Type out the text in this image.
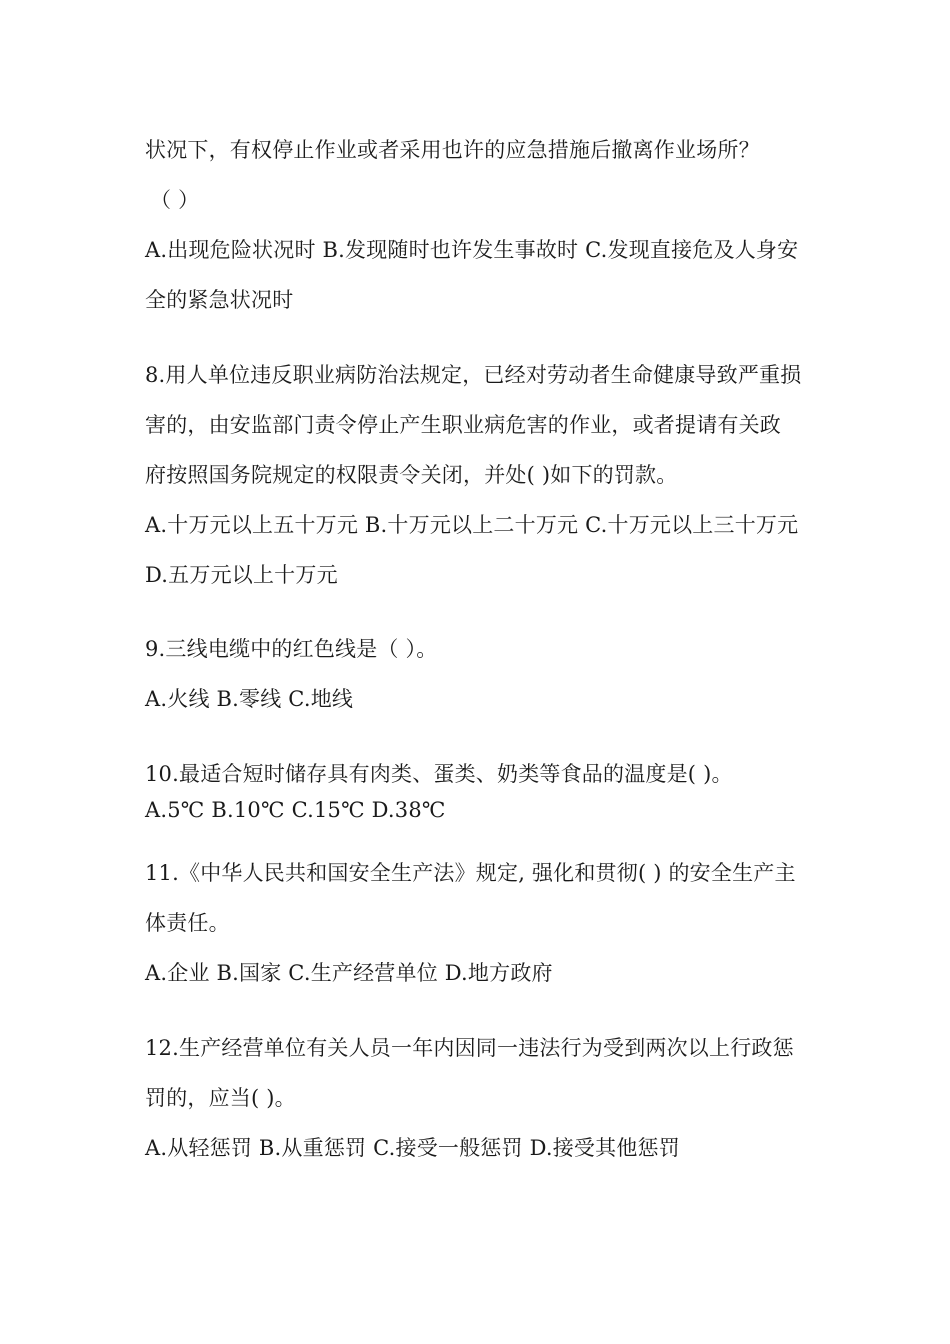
状况下，有权停止作业或者采用也许的应急措施后撤离作业场所？
（ ）
A.出现危险状况时 B.发现随时也许发生事故时 C.发现直接危及人身安
全的紧急状况时
8.用人单位违反职业病防治法规定，已经对劳动者生命健康导致严重损
害的，由安监部门责令停止产生职业病危害的作业，或者提请有关政
府按照国务院规定的权限责令关闭，并处( )如下的罚款。
A.十万元以上五十万元 B.十万元以上二十万元 C.十万元以上三十万元
D.五万元以上十万元
9.三线电缆中的红色线是（ ）。
A.火线 B.零线 C.地线
10.最适合短时储存具有肉类、蛋类、奶类等食品的温度是( )。
A.5℃ B.10℃ C.15℃ D.38℃
11.《中华人民共和国安全生产法》规定, 强化和贯彻( ) 的安全生产主
体责任。
A.企业 B.国家 C.生产经营单位 D.地方政府
12.生产经营单位有关人员一年内因同一违法行为受到两次以上行政惩
罚的，应当( )。
A.从轻惩罚 B.从重惩罚 C.接受一般惩罚 D.接受其他惩罚
